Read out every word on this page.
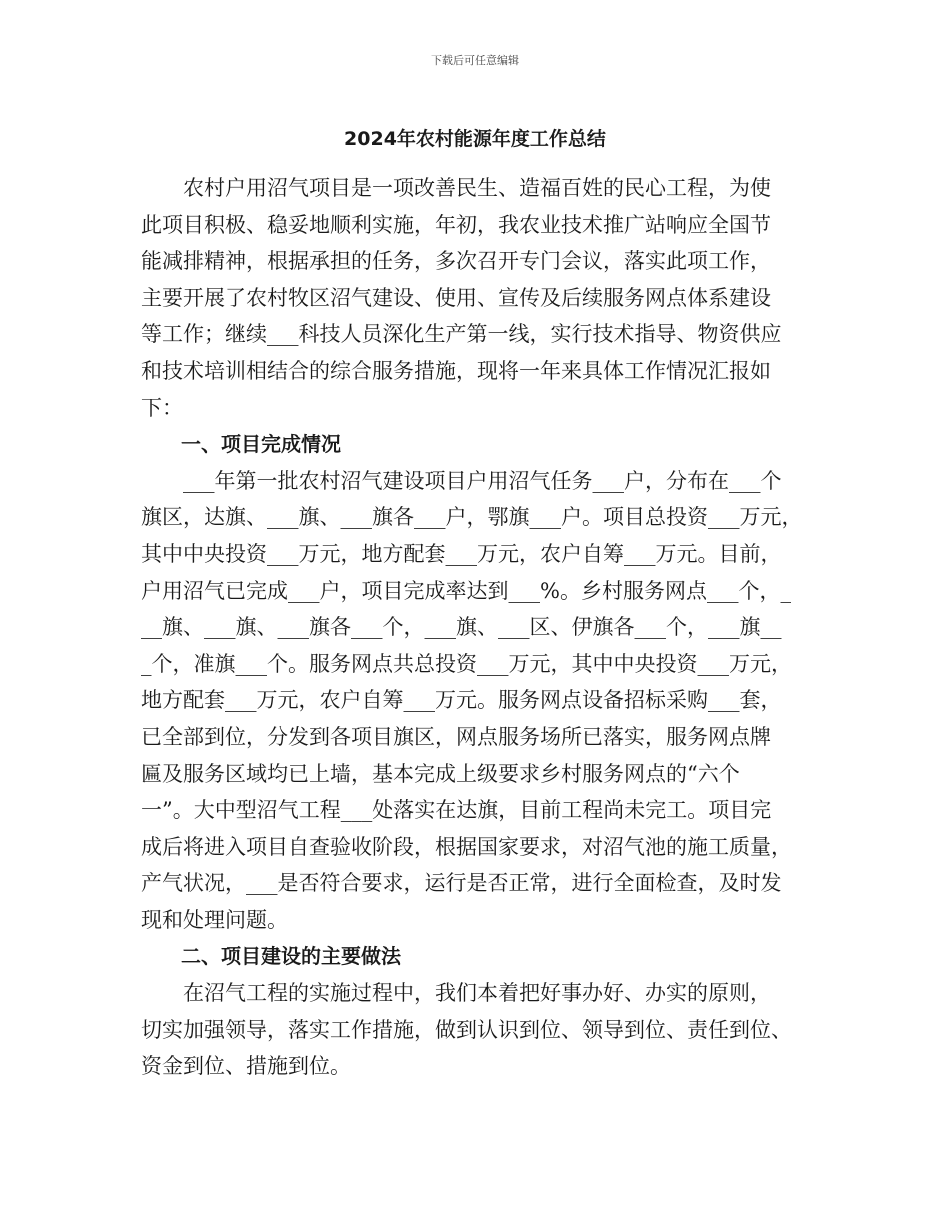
下载后可任意编辑
2024年农村能源年度工作总结
　　农村户用沼气项目是一项改善民生、造福百姓的民心工程，为使
此项目积极、稳妥地顺利实施，年初，我农业技术推广站响应全国节
能减排精神，根据承担的任务，多次召开专门会议，落实此项工作，
主要开展了农村牧区沼气建设、使用、宣传及后续服务网点体系建设
等工作；继续___科技人员深化生产第一线，实行技术指导、物资供应
和技术培训相结合的综合服务措施，现将一年来具体工作情况汇报如
下：
　　一、项目完成情况
　　___年第一批农村沼气建设项目户用沼气任务___户，分布在___个
旗区，达旗、___旗、___旗各___户，鄂旗___户。项目总投资___万元，
其中中央投资___万元，地方配套___万元，农户自筹___万元。目前，
户用沼气已完成___户，项目完成率达到___%。乡村服务网点___个，_
__旗、___旗、___旗各___个，___旗、___区、伊旗各___个，___旗__
_个，准旗___个。服务网点共总投资___万元，其中中央投资___万元，
地方配套___万元，农户自筹___万元。服务网点设备招标采购___套，
已全部到位，分发到各项目旗区，网点服务场所已落实，服务网点牌
匾及服务区域均已上墙，基本完成上级要求乡村服务网点的“六个
一”。大中型沼气工程___处落实在达旗，目前工程尚未完工。项目完
成后将进入项目自查验收阶段，根据国家要求，对沼气池的施工质量，
产气状况，___是否符合要求，运行是否正常，进行全面检查，及时发
现和处理问题。
　　二、项目建设的主要做法
　　在沼气工程的实施过程中，我们本着把好事办好、办实的原则，
切实加强领导，落实工作措施，做到认识到位、领导到位、责任到位、
资金到位、措施到位。
